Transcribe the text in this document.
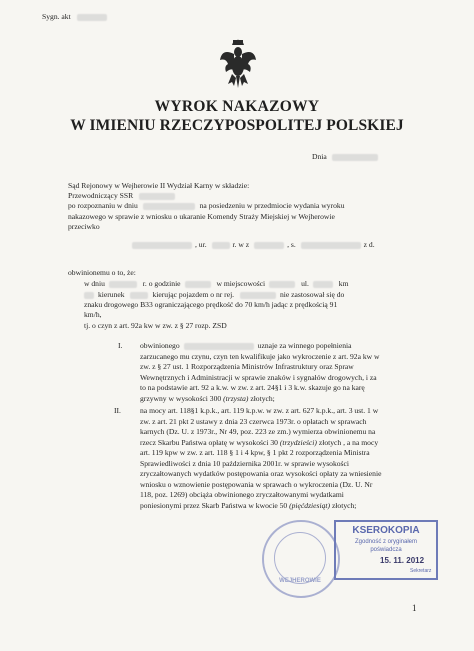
Sygn. akt
WYROK NAKAZOWY
W IMIENIU RZECZYPOSPOLITEJ POLSKIEJ
Dnia
Sąd Rejonowy w Wejherowie II Wydział Karny w składzie:
Przewodniczący SSR
po rozpoznaniu w dniu	na posiedzeniu w przedmiocie wydania wyroku
nakazowego w sprawie z wniosku o ukaranie Komendy Straży Miejskiej w Wejherowie
przeciwko
, ur.	r. w z	, s.	z d.
obwinionemu o to, że:
w dniu	r. o godzinie	w miejscowości	ul.	km
kierunek	kierując pojazdem o nr rej.	nie zastosował się do
znaku drogowego B33 ograniczającego prędkość do 70 km/h jadąc z prędkością 91
km/h,
tj. o czyn z art. 92a kw w zw. z § 27 rozp. ZSD
I. obwinionego	uznaje za winnego popełnienia
zarzucanego mu czynu, czyn ten kwalifikuje jako wykroczenie z art. 92a kw w
zw. z § 27 ust. 1 Rozporządzenia Ministrów Infrastruktury oraz Spraw
Wewnętrznych i Administracji w sprawie znaków i sygnałów drogowych, i za
to na podstawie art. 92 a k.w. w zw. z art. 24§1 i 3 k.w. skazuje go na karę
grzywny w wysokości 300 (trzysta) złotych;
II.	na mocy art. 118§1 k.p.k., art. 119 k.p.w. w zw. z art. 627 k.p.k., art. 3 ust. 1 w
zw. z art. 21 pkt 2 ustawy z dnia 23 czerwca 1973r. o opłatach w sprawach
karnych (Dz. U. z 1973r., Nr 49, poz. 223 ze zm.) wymierza obwinionemu na
rzecz Skarbu Państwa opłatę w wysokości 30 (trzydzieści) złotych , a na mocy
art. 119 kpw w zw. z art. 118 § 1 i 4 kpw, § 1 pkt 2 rozporządzenia Ministra
Sprawiedliwości z dnia 10 października 2001r. w sprawie wysokości
zryczałtowanych wydatków postępowania oraz wysokości opłaty za wniesienie
wniosku o wznowienie postępowania w sprawach o wykroczenia (Dz. U. Nr
118, poz. 1269) obciąża obwinionego zryczałtowanymi wydatkami
poniesionymi przez Skarb Państwa w kwocie 50 (pięćdziesiąt) złotych;
WEJHEROWIE
KSEROKOPIA
Zgodność z oryginałem
poświadcza
15. 11. 2012
Sekretarz
1
